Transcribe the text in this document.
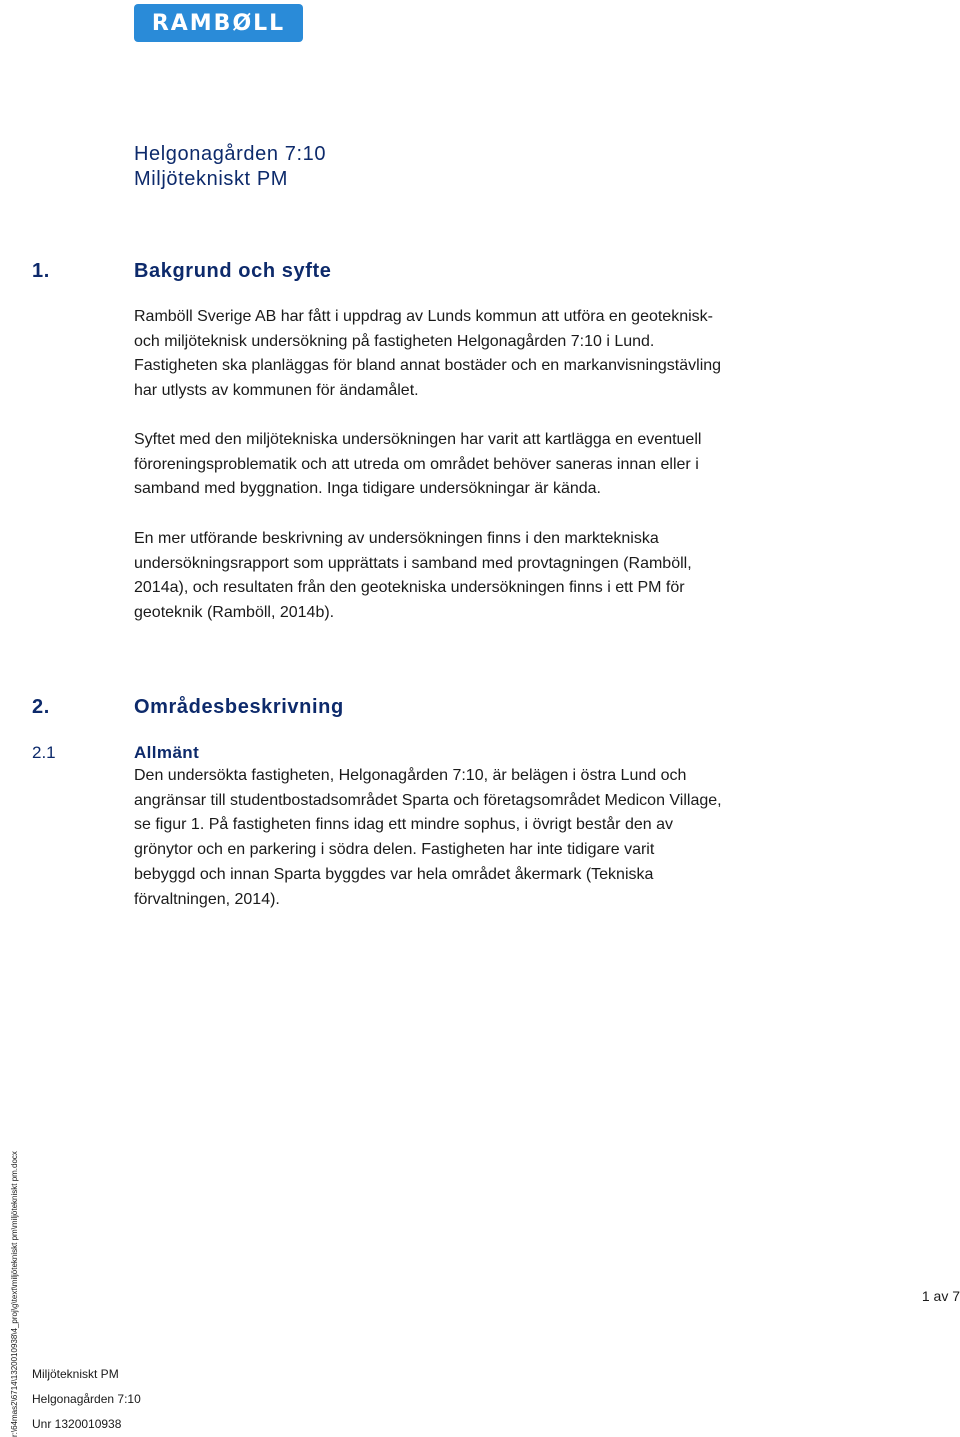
RAMBØLL
Helgonagården 7:10
Miljötekniskt PM
1.	Bakgrund och syfte

Ramböll Sverige AB har fått i uppdrag av Lunds kommun att utföra en geoteknisk-
och miljöteknisk undersökning på fastigheten Helgonagården 7:10 i Lund.
Fastigheten ska planläggas för bland annat bostäder och en markanvisningstävling
har utlysts av kommunen för ändamålet.

Syftet med den miljötekniska undersökningen har varit att kartlägga en eventuell
föroreningsproblematik och att utreda om området behöver saneras innan eller i
samband med byggnation. Inga tidigare undersökningar är kända.

En mer utförande beskrivning av undersökningen finns i den marktekniska
undersökningsrapport som upprättats i samband med provtagningen (Ramböll,
2014a), och resultaten från den geotekniska undersökningen finns i ett PM för
geoteknik (Ramböll, 2014b).

2.	Områdesbeskrivning
2.1	Allmänt

Den undersökta fastigheten, Helgonagården 7:10, är belägen i östra Lund och
angränsar till studentbostadsområdet Sparta och företagsområdet Medicon Village,
se figur 1. På fastigheten finns idag ett mindre sophus, i övrigt består den av
grönytor och en parkering i södra delen. Fastigheten har inte tidigare varit
bebyggd och innan Sparta byggdes var hela området åkermark (Tekniska
förvaltningen, 2014).

r:\64mas2\6714\1320010938\4_proj\g\text\miljötekniskt pm\miljötekniskt pm.docx	1 av 7
Miljötekniskt PM
Helgonagården 7:10
Unr 1320010938
